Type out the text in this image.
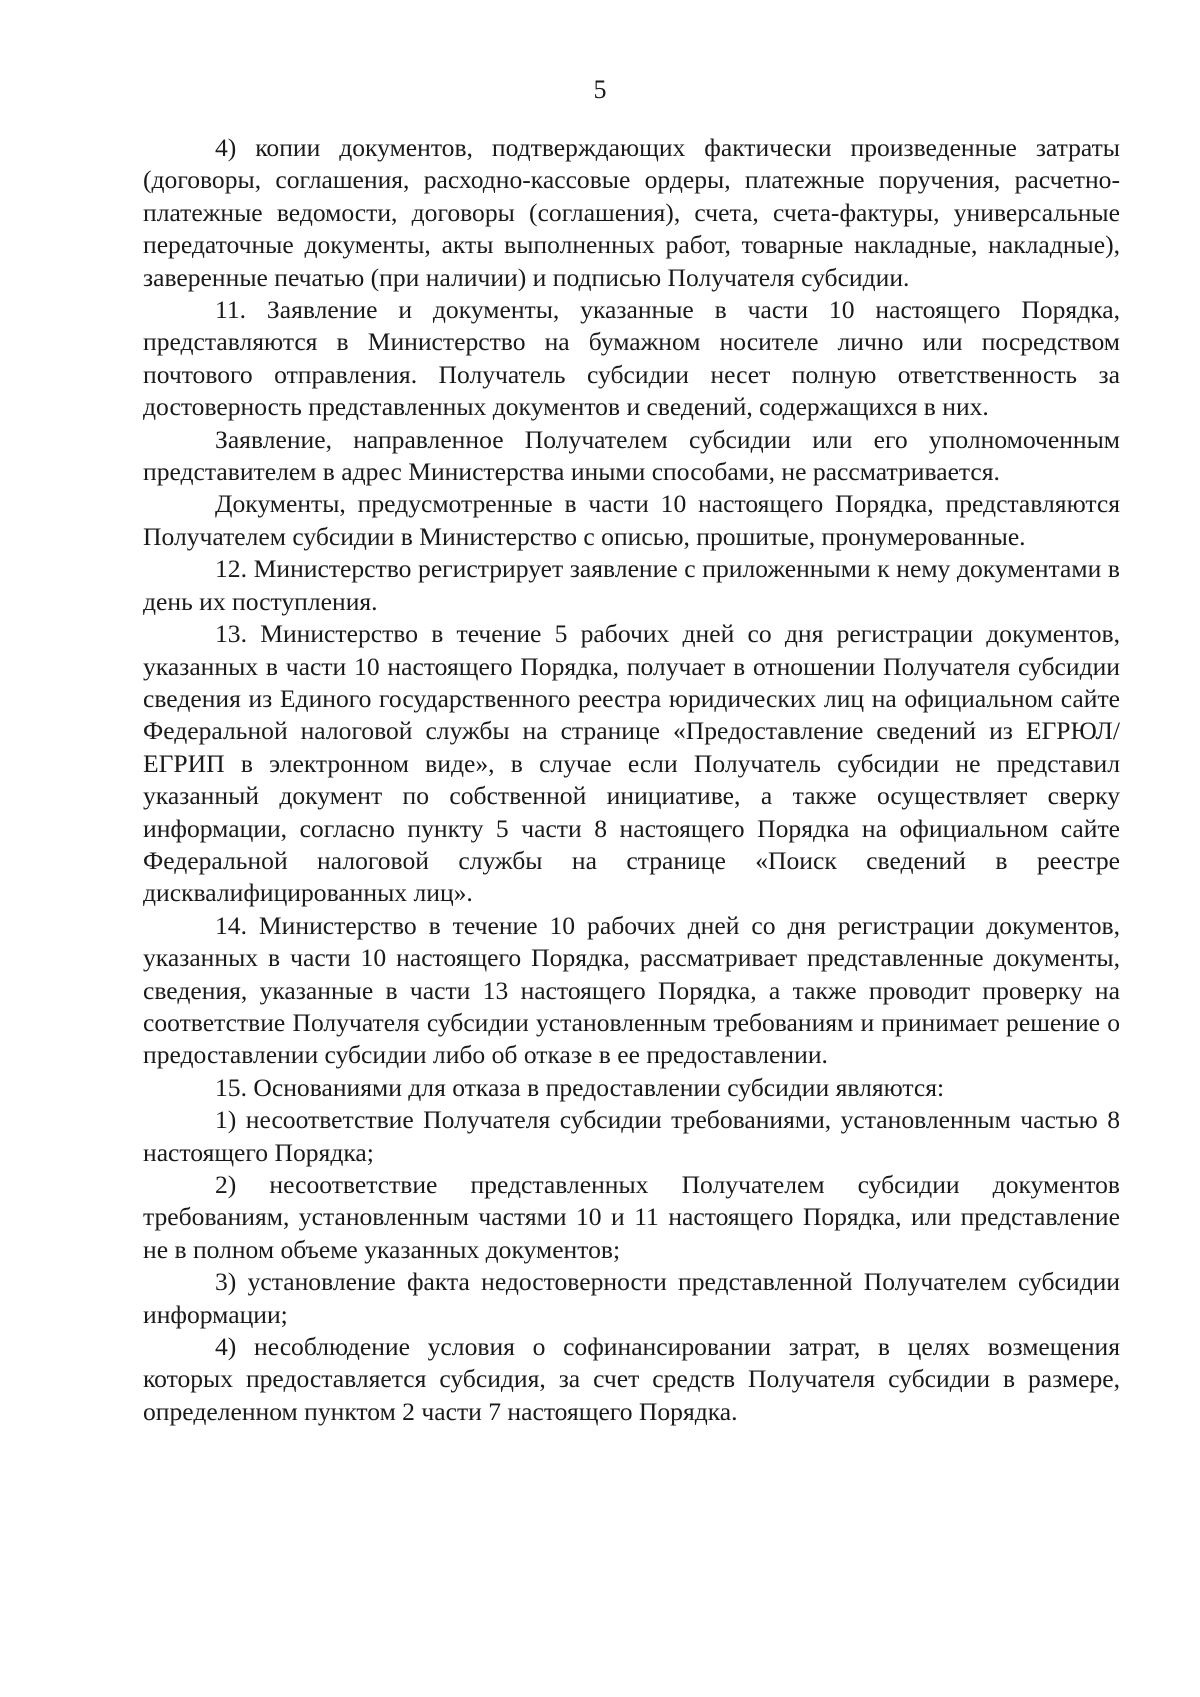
5

4) копии документов, подтверждающих фактически произведенные затраты (договоры, соглашения, расходно-кассовые ордеры, платежные поручения, расчетно-платежные ведомости, договоры (соглашения), счета, счета-фактуры, универсальные передаточные документы, акты выполненных работ, товарные накладные, накладные), заверенные печатью (при наличии) и подписью Получателя субсидии.

11. Заявление и документы, указанные в части 10 настоящего Порядка, представляются в Министерство на бумажном носителе лично или посредством почтового отправления. Получатель субсидии несет полную ответственность за достоверность представленных документов и сведений, содержащихся в них.

Заявление, направленное Получателем субсидии или его уполномоченным представителем в адрес Министерства иными способами, не рассматривается.

Документы, предусмотренные в части 10 настоящего Порядка, представляются Получателем субсидии в Министерство с описью, прошитые, пронумерованные.

12. Министерство регистрирует заявление с приложенными к нему документами в день их поступления.

13. Министерство в течение 5 рабочих дней со дня регистрации документов, указанных в части 10 настоящего Порядка, получает в отношении Получателя субсидии сведения из Единого государственного реестра юридических лиц на официальном сайте Федеральной налоговой службы на странице «Предоставление сведений из ЕГРЮЛ/ЕГРИП в электронном виде», в случае если Получатель субсидии не представил указанный документ по собственной инициативе, а также осуществляет сверку информации, согласно пункту 5 части 8 настоящего Порядка на официальном сайте Федеральной налоговой службы на странице «Поиск сведений в реестре дисквалифицированных лиц».

14. Министерство в течение 10 рабочих дней со дня регистрации документов, указанных в части 10 настоящего Порядка, рассматривает представленные документы, сведения, указанные в части 13 настоящего Порядка, а также проводит проверку на соответствие Получателя субсидии установленным требованиям и принимает решение о предоставлении субсидии либо об отказе в ее предоставлении.

15. Основаниями для отказа в предоставлении субсидии являются:

1) несоответствие Получателя субсидии требованиями, установленным частью 8 настоящего Порядка;

2) несоответствие представленных Получателем субсидии документов требованиям, установленным частями 10 и 11 настоящего Порядка, или представление не в полном объеме указанных документов;

3) установление факта недостоверности представленной Получателем субсидии информации;

4) несоблюдение условия о софинансировании затрат, в целях возмещения которых предоставляется субсидия, за счет средств Получателя субсидии в размере, определенном пунктом 2 части 7 настоящего Порядка.
